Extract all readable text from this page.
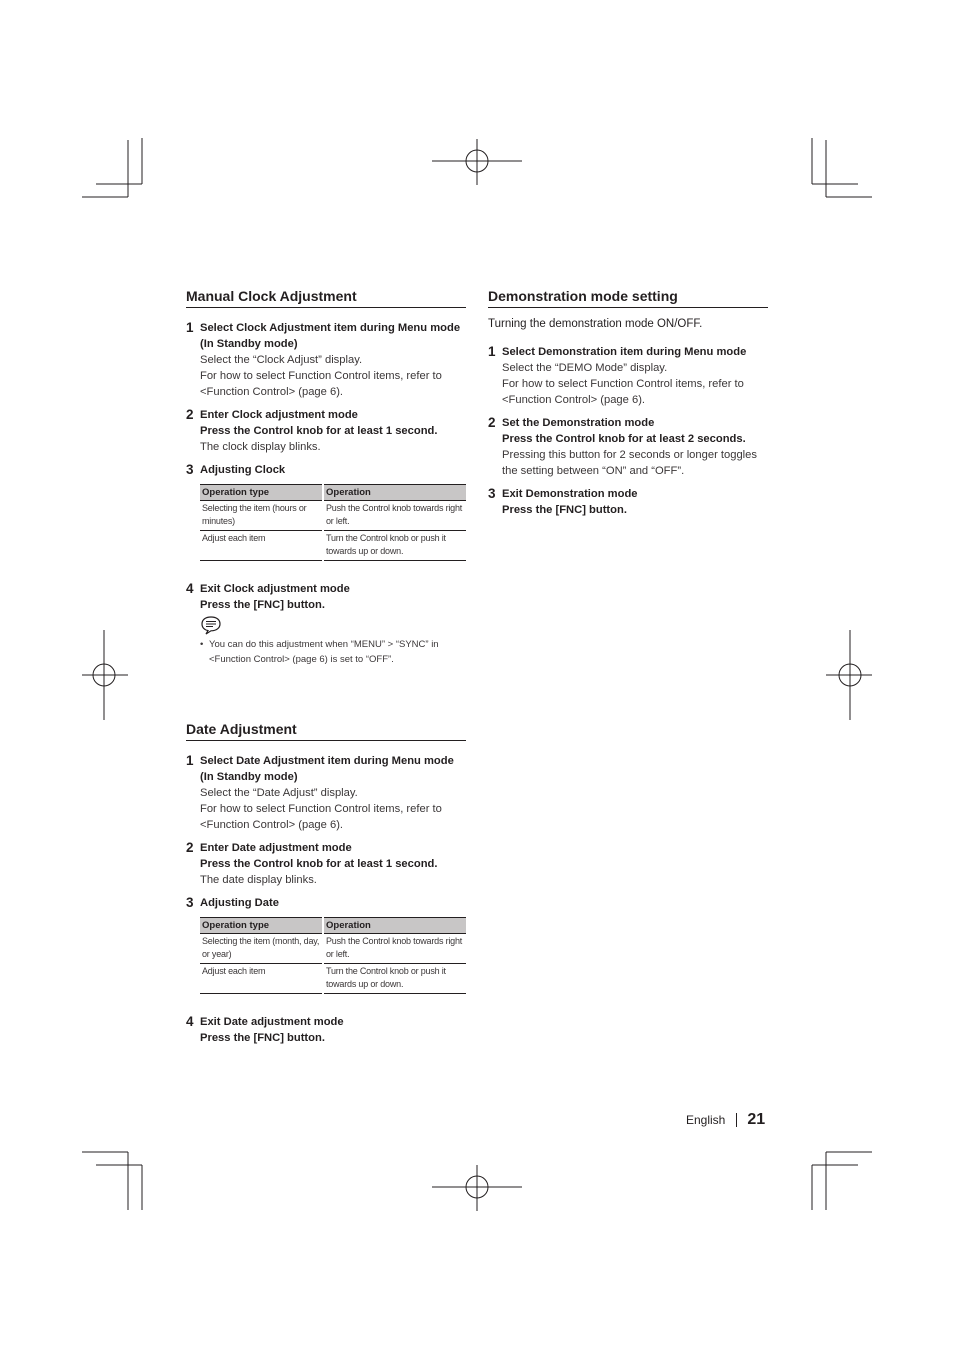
Manual Clock Adjustment
1 Select Clock Adjustment item during Menu mode (In Standby mode)
Select the “Clock Adjust” display.
For how to select Function Control items, refer to <Function Control> (page 6).
2 Enter Clock adjustment mode
Press the Control knob for at least 1 second.
The clock display blinks.
3 Adjusting Clock
Operation type	Operation
Selecting the item (hours or minutes)	Push the Control knob towards right or left.
Adjust each item	Turn the Control knob or push it towards up or down.
4 Exit Clock adjustment mode
Press the [FNC] button.
• You can do this adjustment when “MENU” > “SYNC” in <Function Control> (page 6) is set to “OFF”.
Date Adjustment
1 Select Date Adjustment item during Menu mode (In Standby mode)
Select the “Date Adjust” display.
For how to select Function Control items, refer to <Function Control> (page 6).
2 Enter Date adjustment mode
Press the Control knob for at least 1 second.
The date display blinks.
3 Adjusting Date
Operation type	Operation
Selecting the item (month, day, or year)	Push the Control knob towards right or left.
Adjust each item	Turn the Control knob or push it towards up or down.
4 Exit Date adjustment mode
Press the [FNC] button.
Demonstration mode setting
Turning the demonstration mode ON/OFF.
1 Select Demonstration item during Menu mode
Select the “DEMO Mode” display.
For how to select Function Control items, refer to <Function Control> (page 6).
2 Set the Demonstration mode
Press the Control knob for at least 2 seconds.
Pressing this button for 2 seconds or longer toggles the setting between “ON” and “OFF”.
3 Exit Demonstration mode
Press the [FNC] button.
English 21
